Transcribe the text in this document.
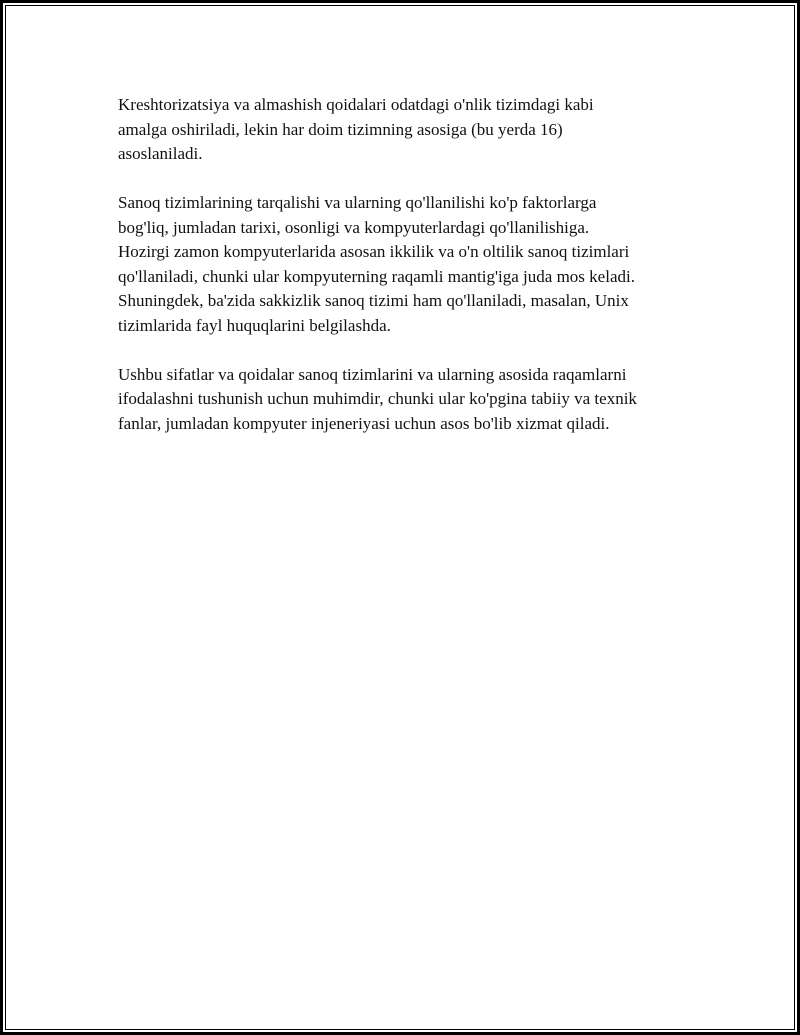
Kreshtorizatsiya va almashish qoidalari odatdagi o'nlik tizimdagi kabi
amalga oshiriladi, lekin har doim tizimning asosiga (bu yerda 16)
asoslaniladi.

Sanoq tizimlarining tarqalishi va ularning qo'llanilishi ko'p faktorlarga
bog'liq, jumladan tarixi, osonligi va kompyuterlardagi qo'llanilishiga.
Hozirgi zamon kompyuterlarida asosan ikkilik va o'n oltilik sanoq tizimlari
qo'llaniladi, chunki ular kompyuterning raqamli mantig'iga juda mos keladi.
Shuningdek, ba'zida sakkizlik sanoq tizimi ham qo'llaniladi, masalan, Unix
tizimlarida fayl huquqlarini belgilashda.

Ushbu sifatlar va qoidalar sanoq tizimlarini va ularning asosida raqamlarni
ifodalashni tushunish uchun muhimdir, chunki ular ko'pgina tabiiy va texnik
fanlar, jumladan kompyuter injeneriyasi uchun asos bo'lib xizmat qiladi.
